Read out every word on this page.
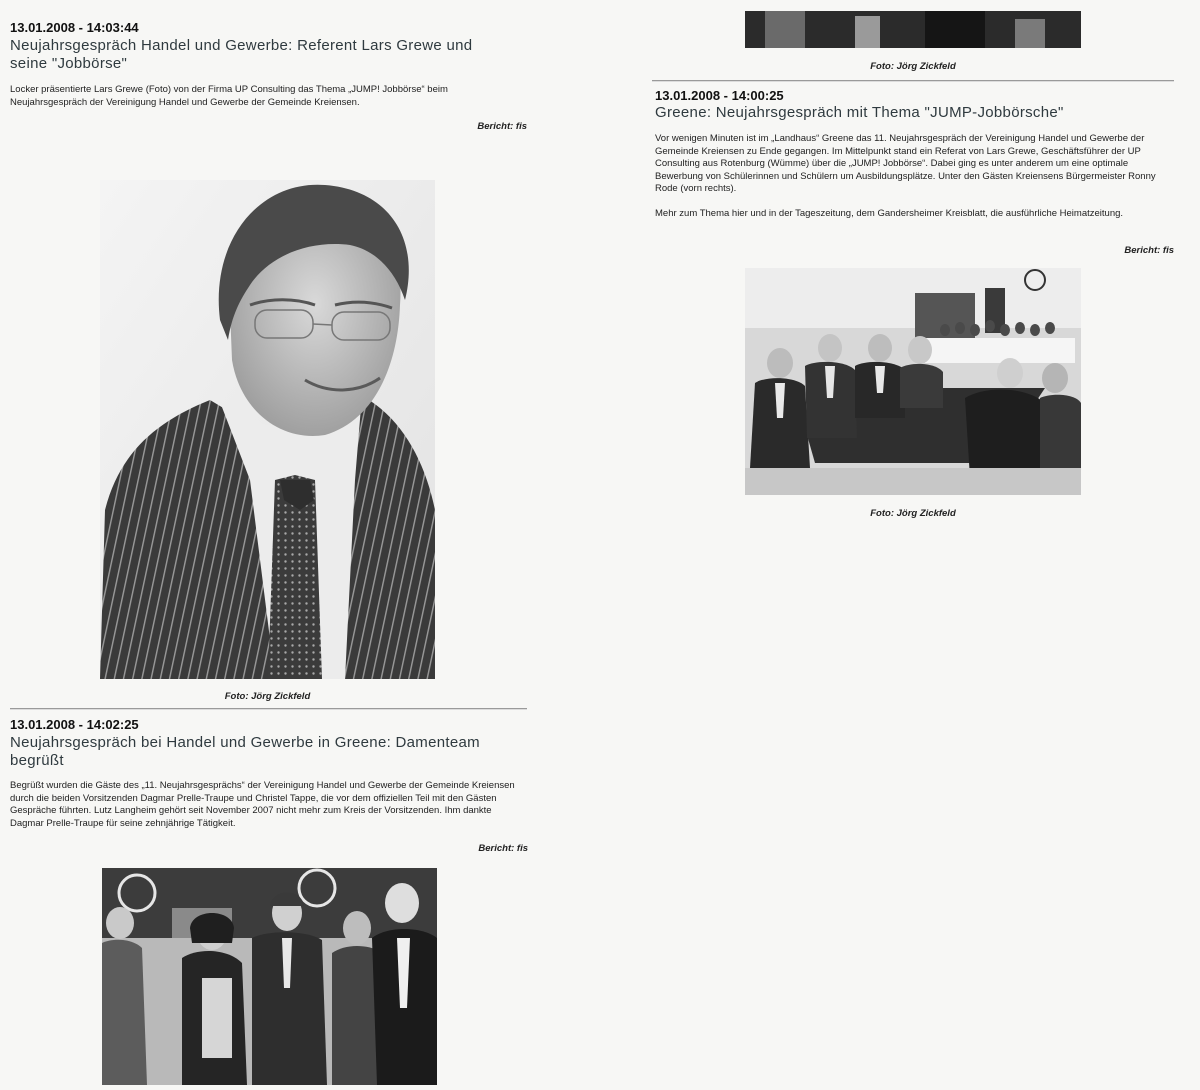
13.01.2008 - 14:03:44
Neujahrsgespräch Handel und Gewerbe: Referent Lars Grewe und seine "Jobbörse"
Locker präsentierte Lars Grewe (Foto) von der Firma UP Consulting das Thema „JUMP! Jobbörse“ beim Neujahrsgespräch der Vereinigung Handel und Gewerbe der Gemeinde Kreiensen.
Bericht: fis
Foto: Jörg Zickfeld
13.01.2008 - 14:02:25
Neujahrsgespräch bei Handel und Gewerbe in Greene: Damenteam begrüßt
Begrüßt wurden die Gäste des „11. Neujahrsgesprächs“ der Vereinigung Handel und Gewerbe der Gemeinde Kreiensen durch die beiden Vorsitzenden Dagmar Prelle-Traupe und Christel Tappe, die vor dem offiziellen Teil mit den Gästen Gespräche führten. Lutz Langheim gehört seit November 2007 nicht mehr zum Kreis der Vorsitzenden. Ihm dankte Dagmar Prelle-Traupe für seine zehnjährige Tätigkeit.
Bericht: fis
Foto: Jörg Zickfeld
13.01.2008 - 14:00:25
Greene: Neujahrsgespräch mit Thema "JUMP-Jobbörsche"
Vor wenigen Minuten ist im „Landhaus“ Greene das 11. Neujahrsgespräch der Vereinigung Handel und Gewerbe der Gemeinde Kreiensen zu Ende gegangen. Im Mittelpunkt stand ein Referat von Lars Grewe, Geschäftsführer der UP Consulting aus Rotenburg (Wümme) über die „JUMP! Jobbörse“. Dabei ging es unter anderem um eine optimale Bewerbung von Schülerinnen und Schülern um Ausbildungsplätze. Unter den Gästen Kreiensens Bürgermeister Ronny Rode (vorn rechts).
Mehr zum Thema hier und in der Tageszeitung, dem Gandersheimer Kreisblatt, die ausführliche Heimatzeitung.
Bericht: fis
Foto: Jörg Zickfeld
